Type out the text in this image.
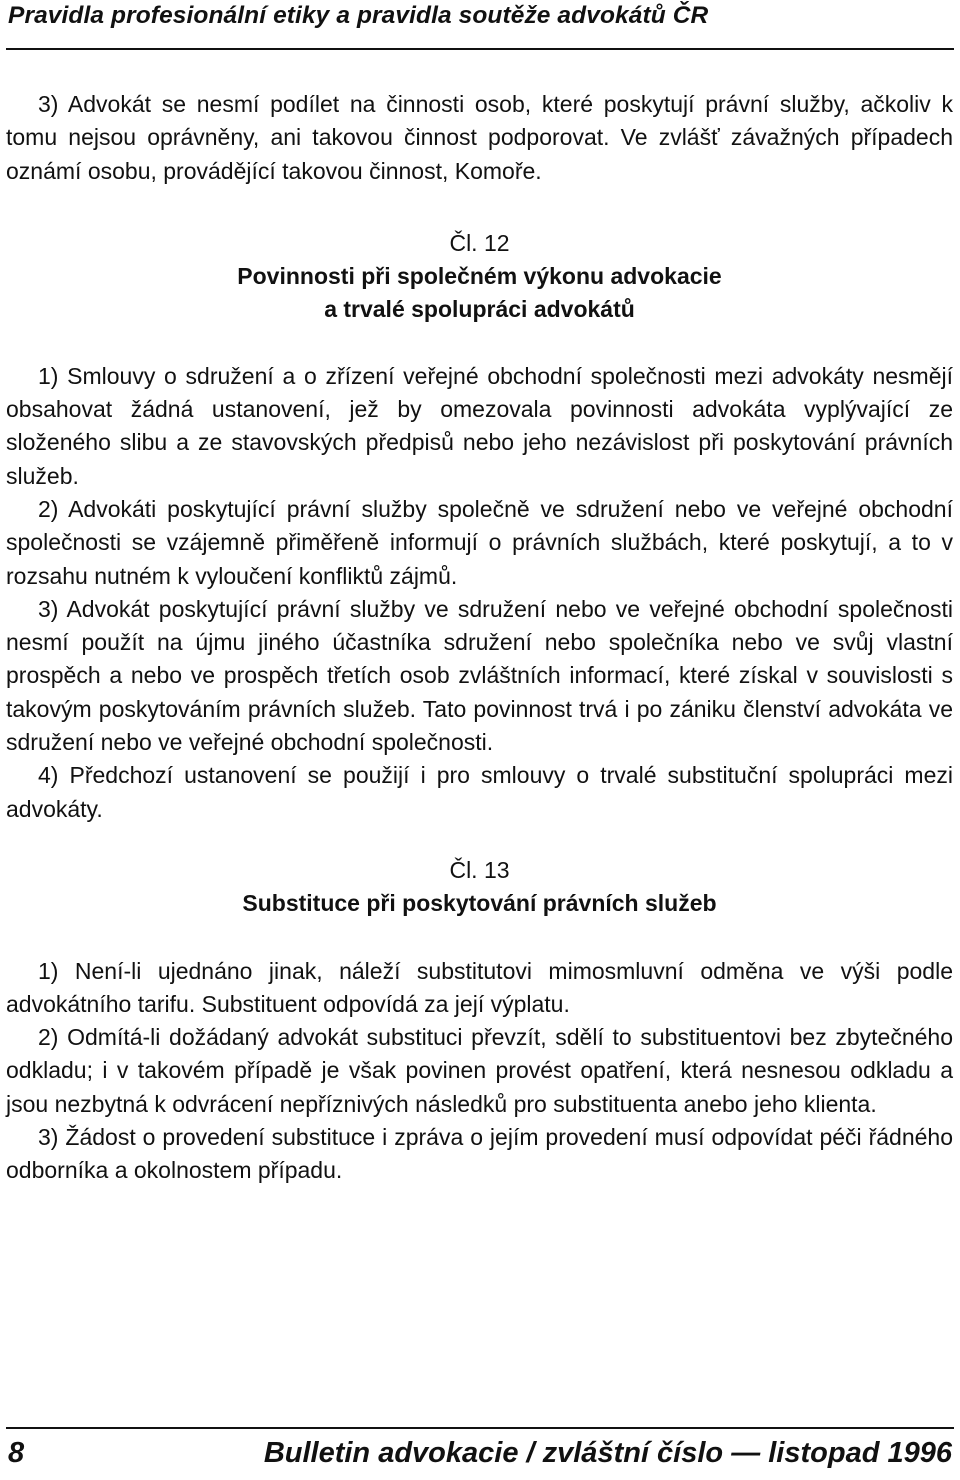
Pravidla profesionální etiky a pravidla soutěže advokátů ČR

3) Advokát se nesmí podílet na činnosti osob, které poskytují právní služby, ačkoliv k tomu nejsou oprávněny, ani takovou činnost podporovat. Ve zvlášť závažných případech oznámí osobu, provádějící takovou činnost, Komoře.

Čl. 12
Povinnosti při společném výkonu advokacie
a trvalé spolupráci advokátů

1) Smlouvy o sdružení a o zřízení veřejné obchodní společnosti mezi advokáty nesmějí obsahovat žádná ustanovení, jež by omezovala povinnosti advokáta vyplývající ze složeného slibu a ze stavovských předpisů nebo jeho nezávislost při poskytování právních služeb.

2) Advokáti poskytující právní služby společně ve sdružení nebo ve veřejné obchodní společnosti se vzájemně přiměřeně informují o právních službách, které poskytují, a to v rozsahu nutném k vyloučení konfliktů zájmů.

3) Advokát poskytující právní služby ve sdružení nebo ve veřejné obchodní společnosti nesmí použít na újmu jiného účastníka sdružení nebo společníka nebo ve svůj vlastní prospěch a nebo ve prospěch třetích osob zvláštních informací, které získal v souvislosti s takovým poskytováním právních služeb. Tato povinnost trvá i po zániku členství advokáta ve sdružení nebo ve veřejné obchodní společnosti.

4) Předchozí ustanovení se použijí i pro smlouvy o trvalé substituční spolupráci mezi advokáty.

Čl. 13
Substituce při poskytování právních služeb

1) Není-li ujednáno jinak, náleží substitutovi mimosmluvní odměna ve výši podle advokátního tarifu. Substituent odpovídá za její výplatu.

2) Odmítá-li dožádaný advokát substituci převzít, sdělí to substituentovi bez zbytečného odkladu; i v takovém případě je však povinen provést opatření, která nesnesou odkladu a jsou nezbytná k odvrácení nepříznivých následků pro substituenta anebo jeho klienta.

3) Žádost o provedení substituce i zpráva o jejím provedení musí odpovídat péči řádného odborníka a okolnostem případu.

8	Bulletin advokacie / zvláštní číslo — listopad 1996
